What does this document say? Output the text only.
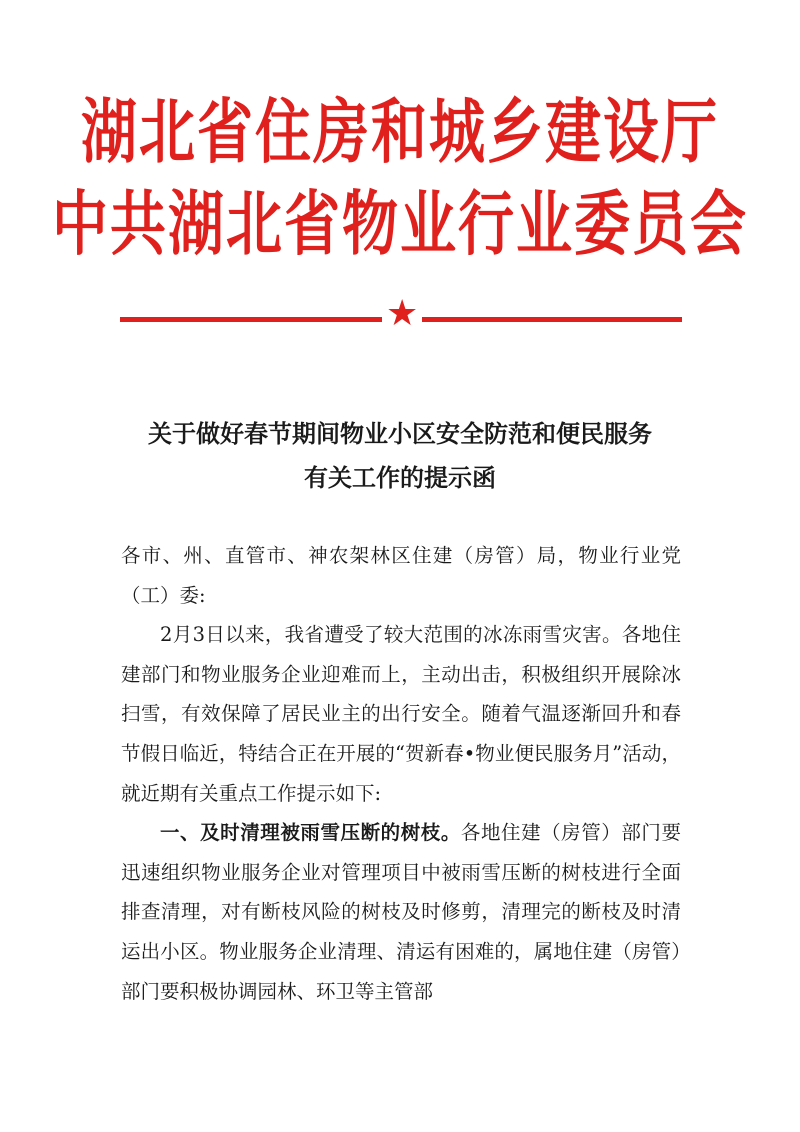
湖北省住房和城乡建设厅
中共湖北省物业行业委员会
★
关于做好春节期间物业小区安全防范和便民服务
有关工作的提示函

各市、州、直管市、神农架林区住建（房管）局，物业行业党（工）委:

2月3日以来，我省遭受了较大范围的冰冻雨雪灾害。各地住建部门和物业服务企业迎难而上，主动出击，积极组织开展除冰扫雪，有效保障了居民业主的出行安全。随着气温逐渐回升和春节假日临近，特结合正在开展的“贺新春•物业便民服务月”活动，就近期有关重点工作提示如下:

一、及时清理被雨雪压断的树枝。各地住建（房管）部门要迅速组织物业服务企业对管理项目中被雨雪压断的树枝进行全面排查清理，对有断枝风险的树枝及时修剪，清理完的断枝及时清运出小区。物业服务企业清理、清运有困难的，属地住建（房管）部门要积极协调园林、环卫等主管部
